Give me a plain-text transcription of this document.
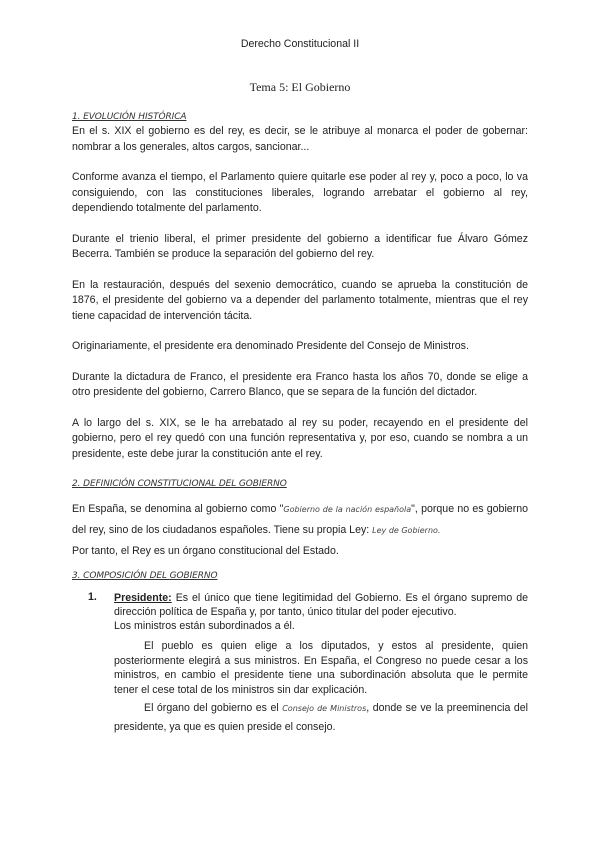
Derecho Constitucional II
Tema 5: El Gobierno
1. EVOLUCIÓN HISTÓRICA

En el s. XIX el gobierno es del rey, es decir, se le atribuye al monarca el poder de gobernar: nombrar a los generales, altos cargos, sancionar...

Conforme avanza el tiempo, el Parlamento quiere quitarle ese poder al rey y, poco a poco, lo va consiguiendo, con las constituciones liberales, logrando arrebatar el gobierno al rey, dependiendo totalmente del parlamento.

Durante el trienio liberal, el primer presidente del gobierno a identificar fue Álvaro Gómez Becerra. También se produce la separación del gobierno del rey.

En la restauración, después del sexenio democrático, cuando se aprueba la constitución de 1876, el presidente del gobierno va a depender del parlamento totalmente, mientras que el rey tiene capacidad de intervención tácita.

Originariamente, el presidente era denominado Presidente del Consejo de Ministros.

Durante la dictadura de Franco, el presidente era Franco hasta los años 70, donde se elige a otro presidente del gobierno, Carrero Blanco, que se separa de la función del dictador.

A lo largo del s. XIX, se le ha arrebatado al rey su poder, recayendo en el presidente del gobierno, pero el rey quedó con una función representativa y, por eso, cuando se nombra a un presidente, este debe jurar la constitución ante el rey.

2. DEFINICIÓN CONSTITUCIONAL DEL GOBIERNO

En España, se denomina al gobierno como "Gobierno de la nación española", porque no es gobierno del rey, sino de los ciudadanos españoles. Tiene su propia Ley: Ley de Gobierno.

Por tanto, el Rey es un órgano constitucional del Estado.

3. COMPOSICIÓN DEL GOBIERNO
1. Presidente: Es el único que tiene legitimidad del Gobierno. Es el órgano supremo de dirección política de España y, por tanto, único titular del poder ejecutivo.

Los ministros están subordinados a él.

El pueblo es quien elige a los diputados, y estos al presidente, quien posteriormente elegirá a sus ministros. En España, el Congreso no puede cesar a los ministros, en cambio el presidente tiene una subordinación absoluta que le permite tener el cese total de los ministros sin dar explicación.

El órgano del gobierno es el Consejo de Ministros, donde se ve la preeminencia del presidente, ya que es quien preside el consejo.
